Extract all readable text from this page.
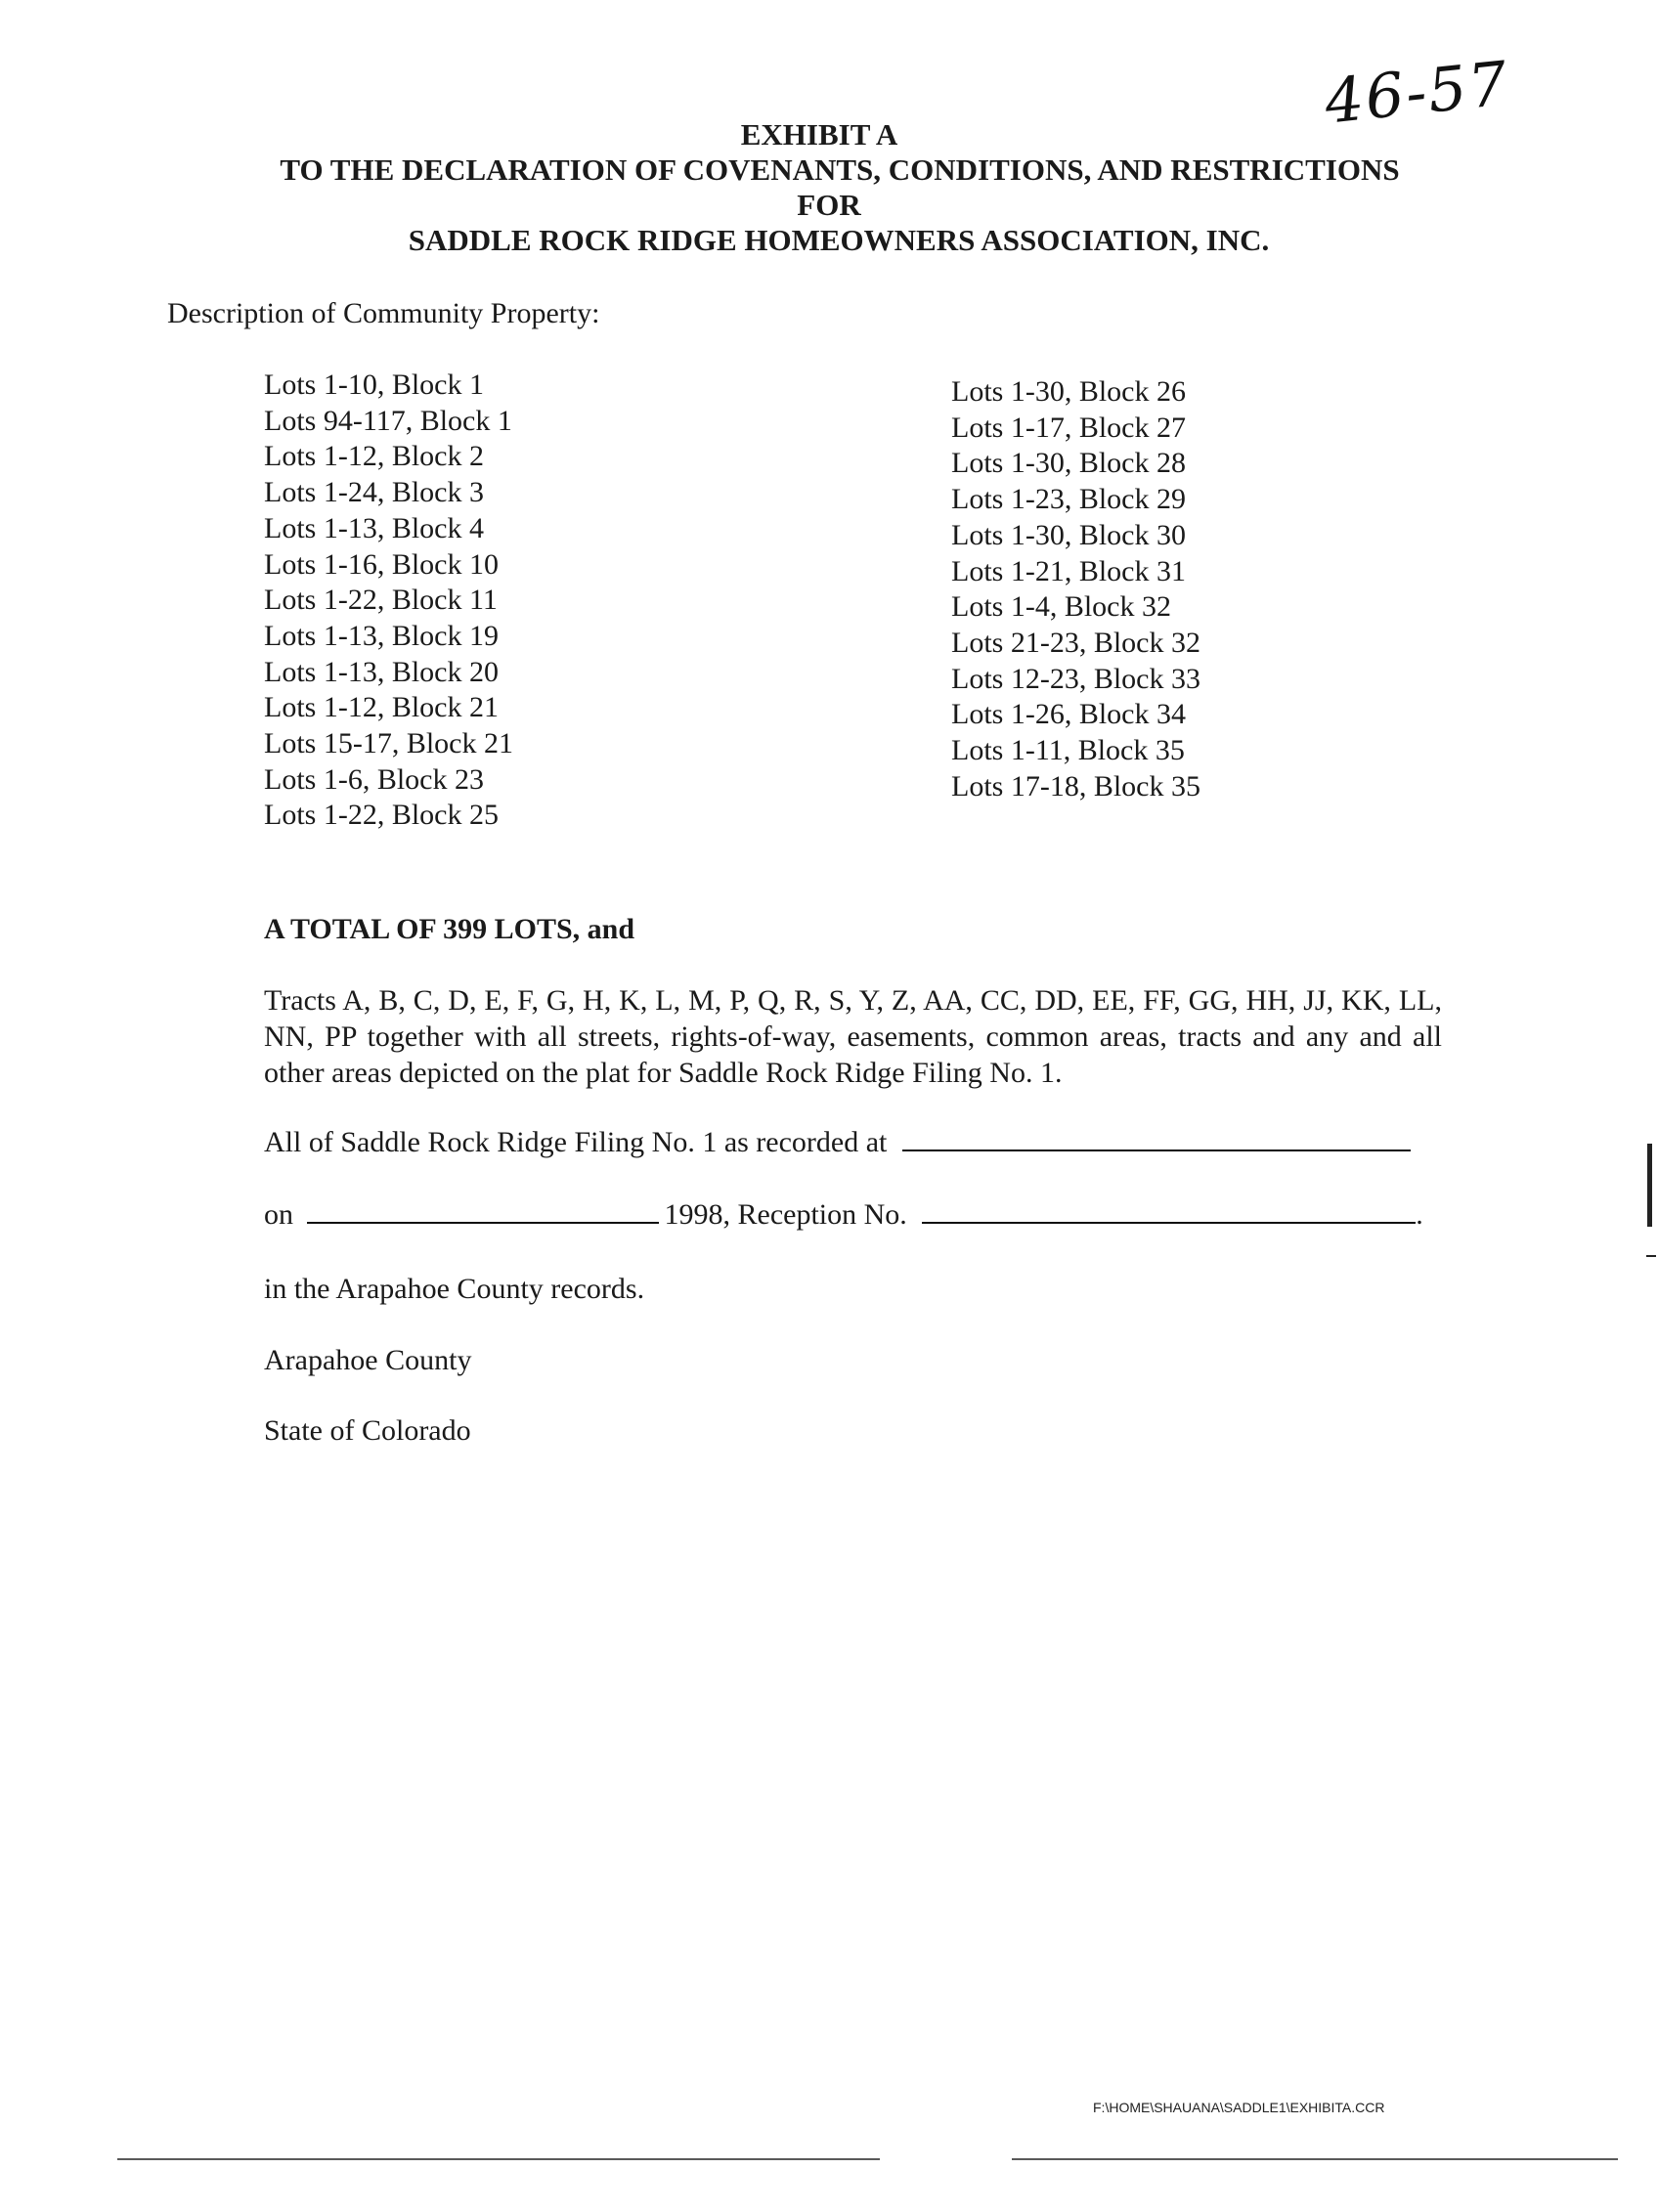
46-57
EXHIBIT A
TO THE DECLARATION OF COVENANTS, CONDITIONS, AND RESTRICTIONS
FOR
SADDLE ROCK RIDGE HOMEOWNERS ASSOCIATION, INC.
Description of Community Property:
Lots 1-10, Block 1
Lots 94-117, Block 1
Lots 1-12, Block 2
Lots 1-24, Block 3
Lots 1-13, Block 4
Lots 1-16, Block 10
Lots 1-22, Block 11
Lots 1-13, Block 19
Lots 1-13, Block 20
Lots 1-12, Block 21
Lots 15-17, Block 21
Lots 1-6, Block 23
Lots 1-22, Block 25
Lots 1-30, Block 26
Lots 1-17, Block 27
Lots 1-30, Block 28
Lots 1-23, Block 29
Lots 1-30, Block 30
Lots 1-21, Block 31
Lots 1-4, Block 32
Lots 21-23, Block 32
Lots 12-23, Block 33
Lots 1-26, Block 34
Lots 1-11, Block 35
Lots 17-18, Block 35
A TOTAL OF 399 LOTS, and
Tracts A, B, C, D, E, F, G, H, K, L, M, P, Q, R, S, Y, Z, AA, CC, DD, EE, FF, GG, HH, JJ, KK, LL, NN, PP together with all streets, rights-of-way, easements, common areas, tracts and any and all other areas depicted on the plat for Saddle Rock Ridge Filing No. 1.
All of Saddle Rock Ridge Filing No. 1 as recorded at
on	1998, Reception No.	.
in the Arapahoe County records.
Arapahoe County
State of Colorado
F:\HOME\SHAUANA\SADDLE1\EXHIBITA.CCR
